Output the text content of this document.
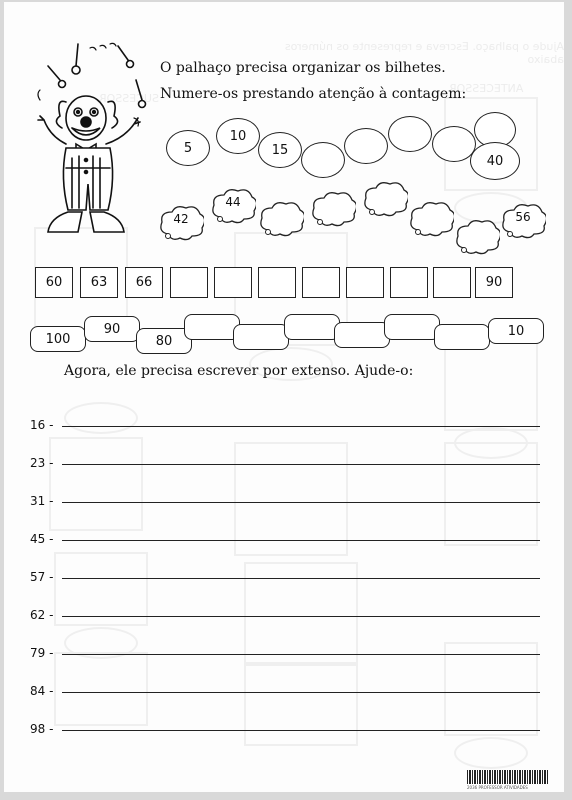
Ajude o palhaço. Escreva e represente os números abaixo
ANTECESSOR
SUCESSOR
O palhaço precisa organizar os bilhetes.
Numere-os prestando atenção à contagem:
5
10
15
40
42
44
56
60	63	66	90
100
90
80
10
Agora, ele precisa escrever por extenso. Ajude-o:
16 -
23 -
31 -
45 -
57 -
62 -
79 -
84 -
98 -
2036 PROFESSOR ATIVIDADES
